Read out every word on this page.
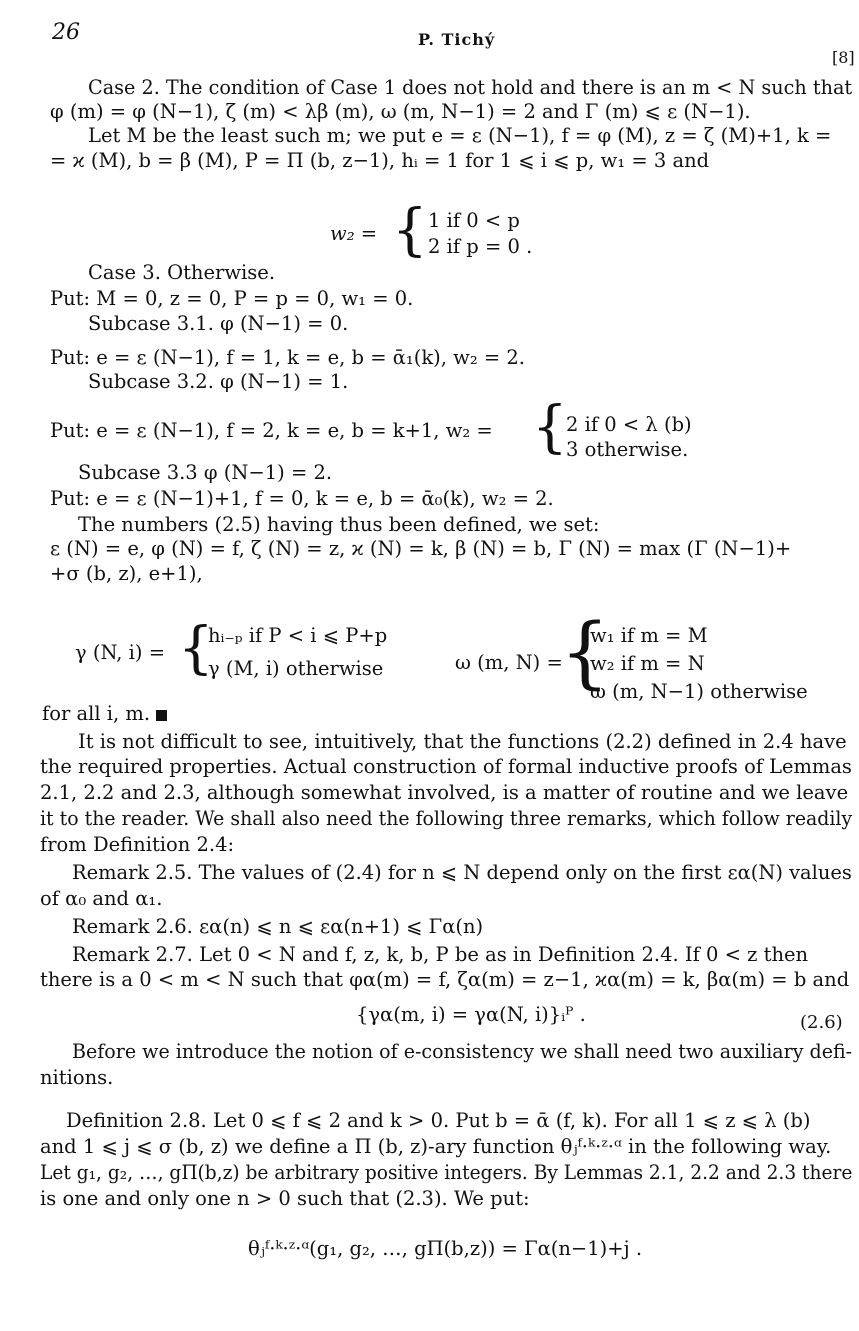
26	P. Tichý
[8]
Case 2. The condition of Case 1 does not hold and there is an m < N such that
φ (m) = φ (N−1), ζ (m) < λβ (m), ω (m, N−1) = 2 and Γ (m) ⩽ ε (N−1).
Let M be the least such m; we put e = ε (N−1), f = φ (M), z = ζ (M)+1, k =
= ϰ (M), b = β (M), P = Π (b, z−1), hᵢ = 1 for 1 ⩽ i ⩽ p, w₁ = 3 and
w₂ = { 1 if 0 < p
2 if p = 0 .
Case 3. Otherwise.
Put: M = 0, z = 0, P = p = 0, w₁ = 0.
Subcase 3.1. φ (N−1) = 0.
Put: e = ε (N−1), f = 1, k = e, b = ᾱ₁(k), w₂ = 2.
Subcase 3.2. φ (N−1) = 1.
Put: e = ε (N−1), f = 2, k = e, b = k+1, w₂ = {
2 if 0 < λ (b)
3 otherwise.
Subcase 3.3 φ (N−1) = 2.
Put: e = ε (N−1)+1, f = 0, k = e, b = ᾱ₀(k), w₂ = 2.
The numbers (2.5) having thus been defined, we set:
ε (N) = e, φ (N) = f, ζ (N) = z, ϰ (N) = k, β (N) = b, Γ (N) = max (Γ (N−1)+
+σ (b, z), e+1),
γ (N, i) = {
hᵢ₋ₚ if P < i ⩽ P+p
γ (M, i) otherwise	ω (m, N) =
{
w₁ if m = M
w₂ if m = N
ω (m, N−1) otherwise
for all i, m.
It is not difficult to see, intuitively, that the functions (2.2) defined in 2.4 have
the required properties. Actual construction of formal inductive proofs of Lemmas
2.1, 2.2 and 2.3, although somewhat involved, is a matter of routine and we leave
it to the reader. We shall also need the following three remarks, which follow readily
from Definition 2.4:
Remark 2.5. The values of (2.4) for n ⩽ N depend only on the first εα(N) values
of α₀ and α₁.
Remark 2.6. εα(n) ⩽ n ⩽ εα(n+1) ⩽ Γα(n)
Remark 2.7. Let 0 < N and f, z, k, b, P be as in Definition 2.4. If 0 < z then
there is a 0 < m < N such that φα(m) = f, ζα(m) = z−1, ϰα(m) = k, βα(m) = b and
{γα(m, i) = γα(N, i)}ᵢᴾ .	(2.6)
Before we introduce the notion of e-consistency we shall need two auxiliary defi-
nitions.
Definition 2.8. Let 0 ⩽ f ⩽ 2 and k > 0. Put b = ᾱ (f, k). For all 1 ⩽ z ⩽ λ (b)
and 1 ⩽ j ⩽ σ (b, z) we define a Π (b, z)-ary function θⱼᶠ·ᵏ·ᶻ·ᵅ in the following way.
Let g₁, g₂, …, gΠ(b,z) be arbitrary positive integers. By Lemmas 2.1, 2.2 and 2.3 there
is one and only one n > 0 such that (2.3). We put:
θⱼᶠ·ᵏ·ᶻ·ᵅ(g₁, g₂, …, gΠ(b,z)) = Γα(n−1)+j .
